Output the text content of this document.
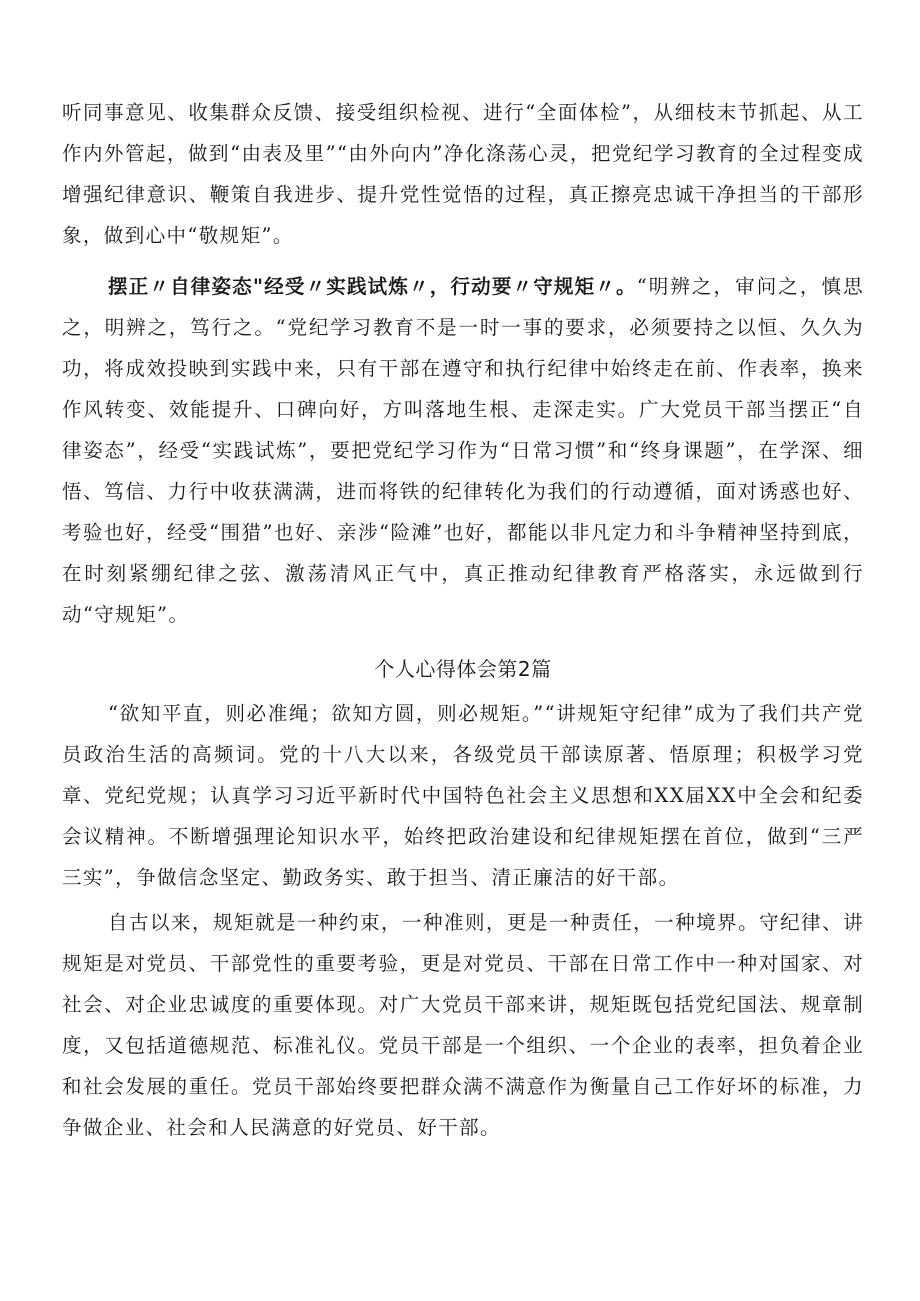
听同事意见、收集群众反馈、接受组织检视、进行“全面体检”，从细枝末节抓起、从工作内外管起，做到“由表及里”“由外向内”净化涤荡心灵，把党纪学习教育的全过程变成增强纪律意识、鞭策自我进步、提升党性觉悟的过程，真正擦亮忠诚干净担当的干部形象，做到心中“敬规矩”。

摆正〃自律姿态"经受〃实践试炼〃，行动要〃守规矩〃。“明辨之，审问之，慎思之，明辨之，笃行之。“党纪学习教育不是一时一事的要求，必须要持之以恒、久久为功，将成效投映到实践中来，只有干部在遵守和执行纪律中始终走在前、作表率，换来作风转变、效能提升、口碑向好，方叫落地生根、走深走实。广大党员干部当摆正“自律姿态”，经受“实践试炼”，要把党纪学习作为“日常习惯”和“终身课题”，在学深、细悟、笃信、力行中收获满满，进而将铁的纪律转化为我们的行动遵循，面对诱惑也好、考验也好，经受“围猎”也好、亲涉“险滩”也好，都能以非凡定力和斗争精神坚持到底，在时刻紧绷纪律之弦、激荡清风正气中，真正推动纪律教育严格落实，永远做到行动“守规矩”。

个人心得体会第2篇

“欲知平直，则必准绳；欲知方圆，则必规矩。”“讲规矩守纪律”成为了我们共产党员政治生活的高频词。党的十八大以来，各级党员干部读原著、悟原理；积极学习党章、党纪党规；认真学习习近平新时代中国特色社会主义思想和XX届XX中全会和纪委会议精神。不断增强理论知识水平，始终把政治建设和纪律规矩摆在首位，做到“三严三实”，争做信念坚定、勤政务实、敢于担当、清正廉洁的好干部。

自古以来，规矩就是一种约束，一种准则，更是一种责任，一种境界。守纪律、讲规矩是对党员、干部党性的重要考验，更是对党员、干部在日常工作中一种对国家、对社会、对企业忠诚度的重要体现。对广大党员干部来讲，规矩既包括党纪国法、规章制度，又包括道德规范、标准礼仪。党员干部是一个组织、一个企业的表率，担负着企业和社会发展的重任。党员干部始终要把群众满不满意作为衡量自己工作好坏的标准，力争做企业、社会和人民满意的好党员、好干部。
